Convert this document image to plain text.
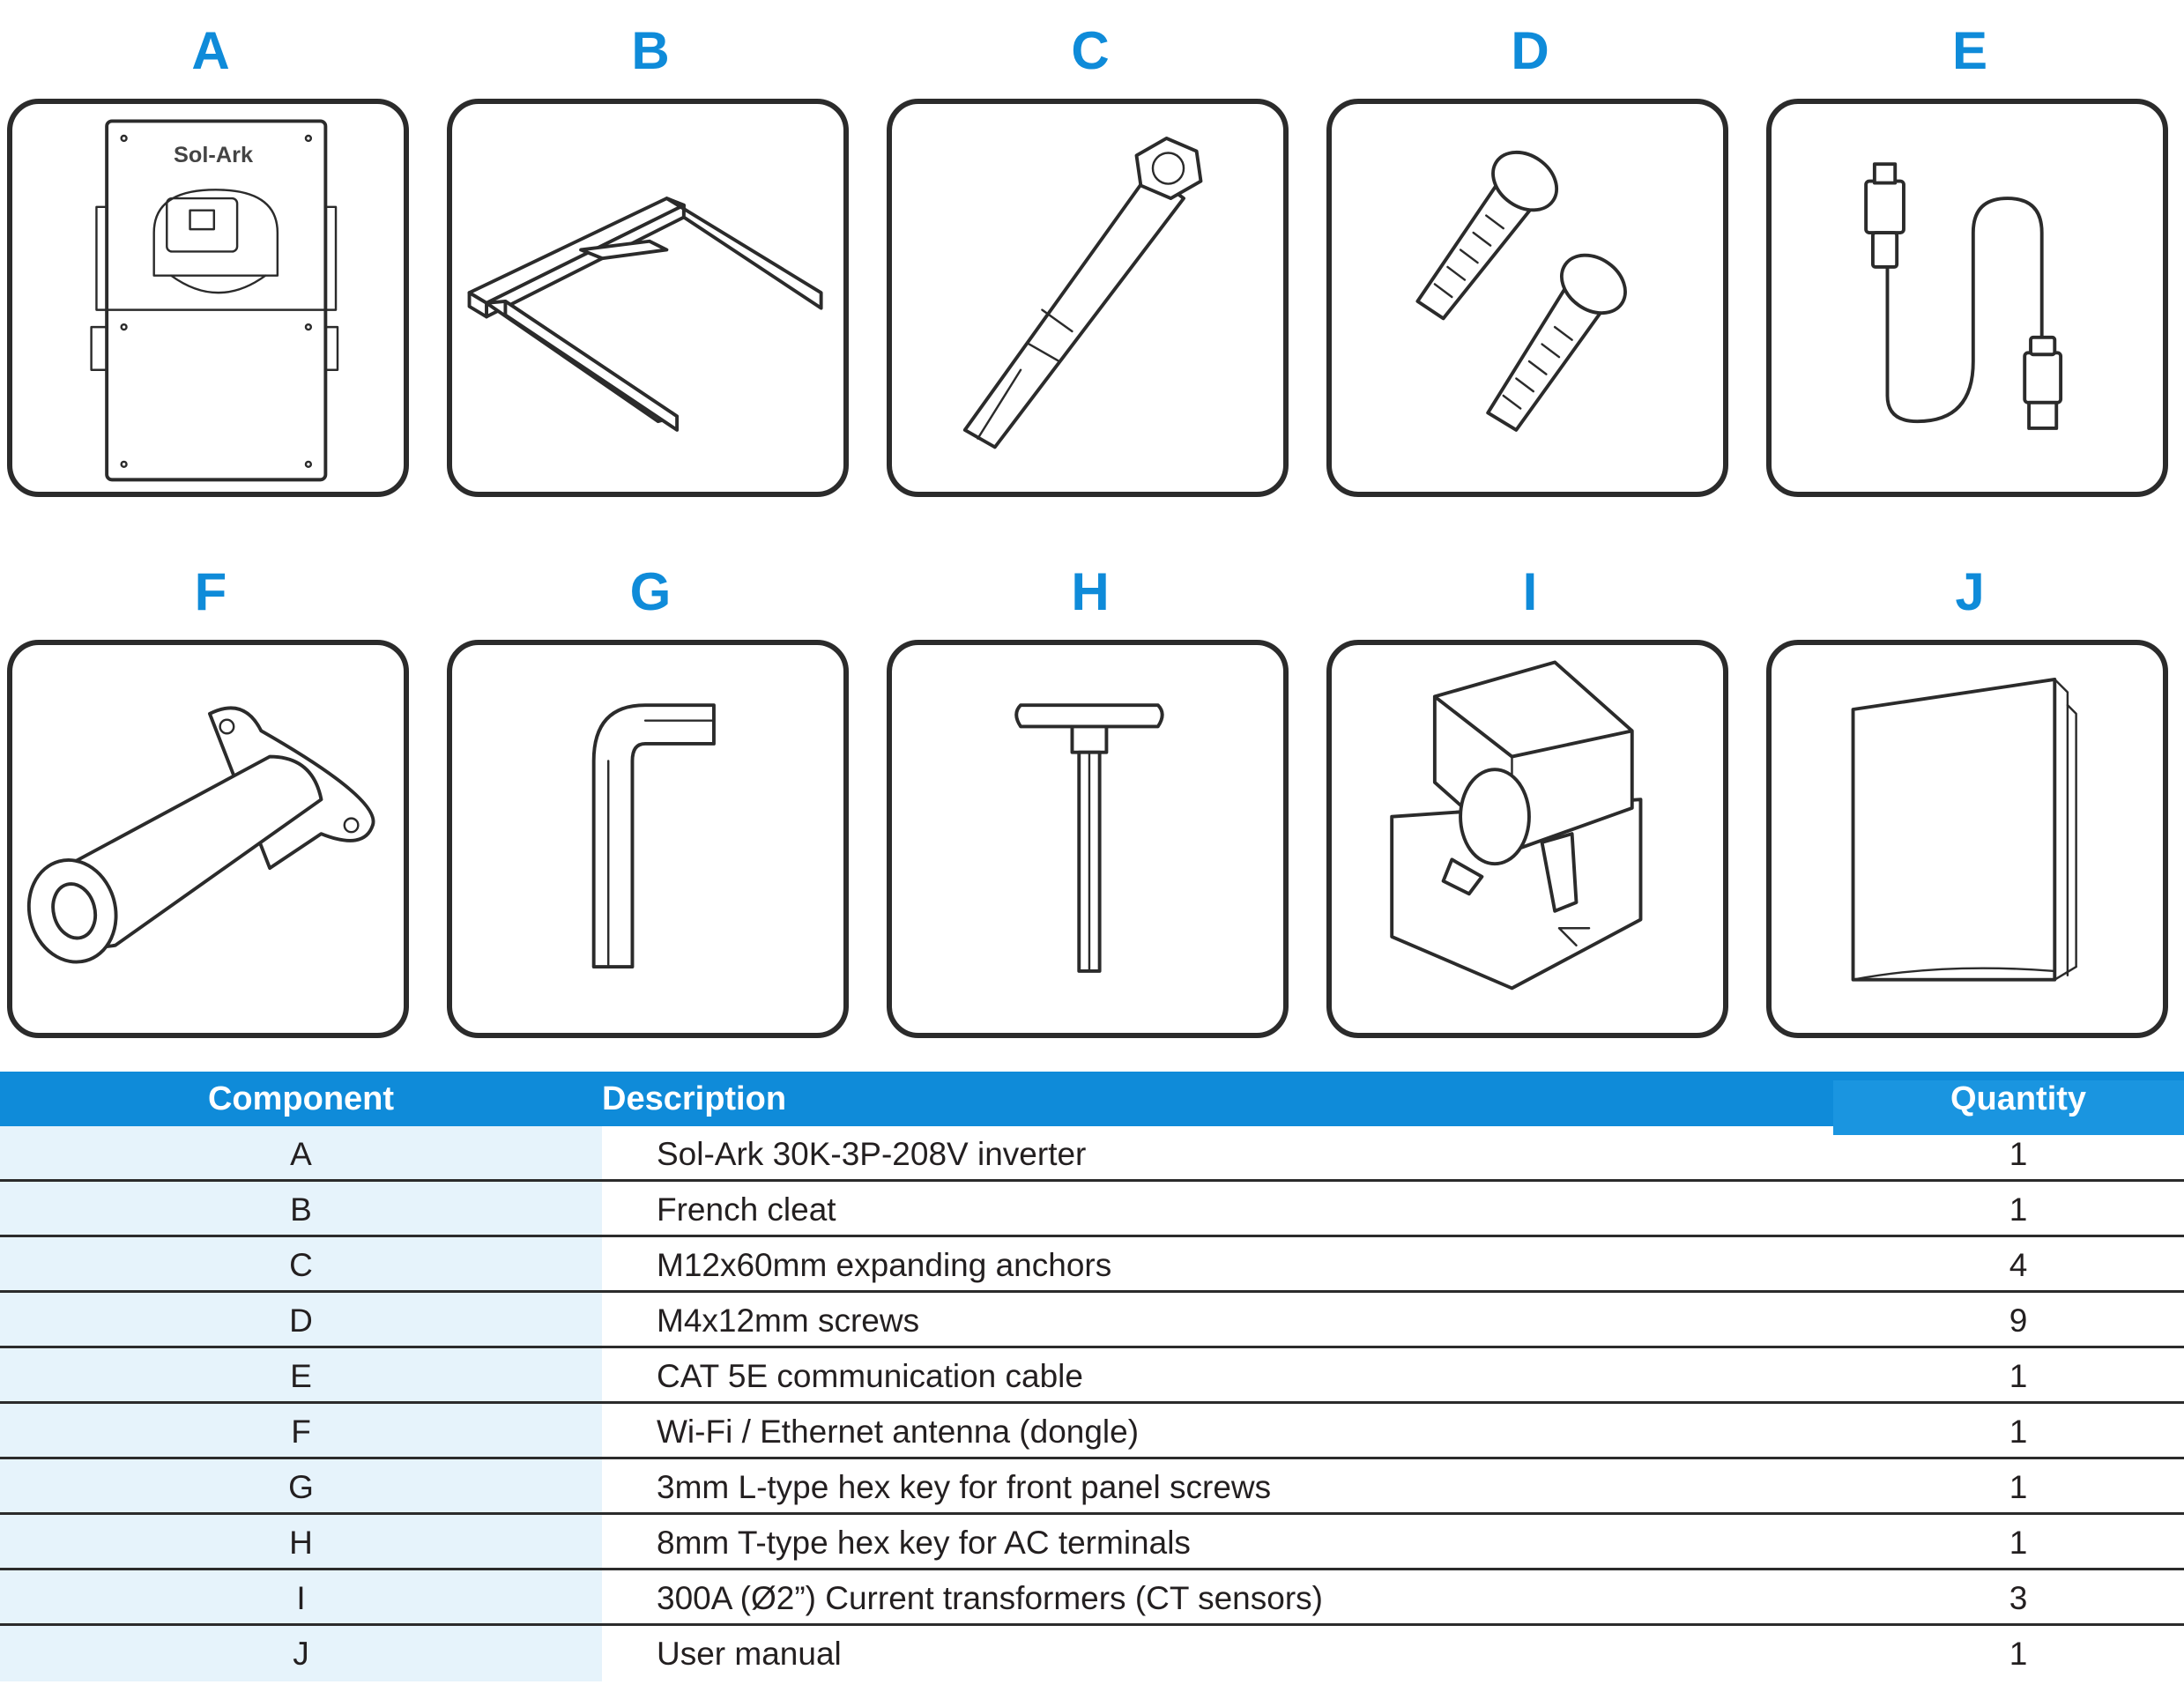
A	B	C	D	E
F	G	H	I	J
Sol-Ark
Component	Description	Quantity
A	Sol-Ark 30K-3P-208V inverter	1
B	French cleat	1
C	M12x60mm expanding anchors	4
D	M4x12mm screws	9
E	CAT 5E communication cable	1
F	Wi-Fi / Ethernet antenna (dongle)	1
G	3mm L-type hex key for front panel screws	1
H	8mm T-type hex key for AC terminals	1
I	300A (Ø2”) Current transformers (CT sensors)	3
J	User manual	1
